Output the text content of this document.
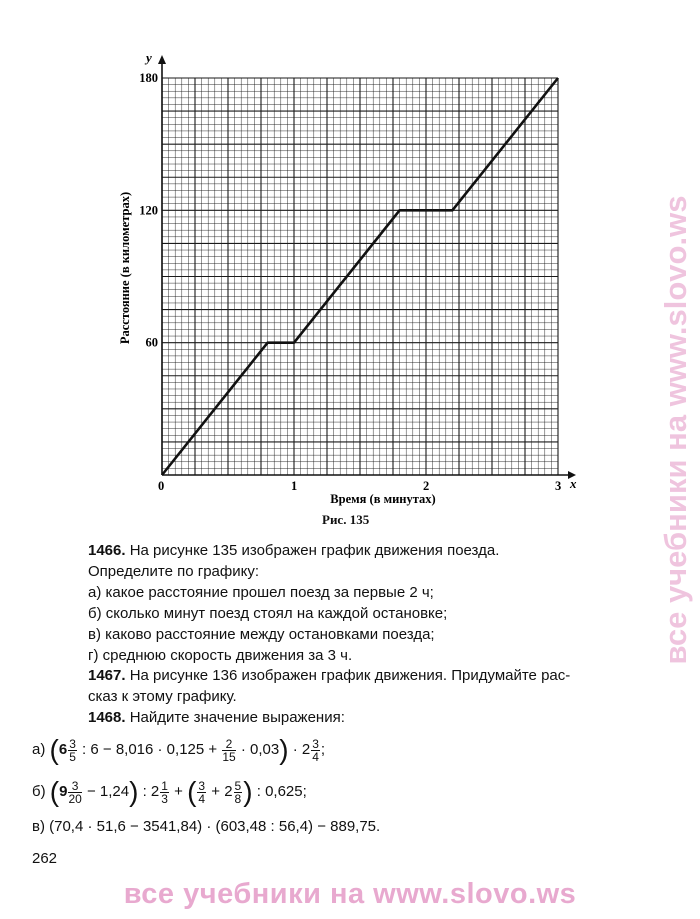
0	1	2	3
60
120
180
x
y
Время (в минутах)
Расстояние (в километрах)
Рис. 135
1466. На рисунке 135 изображен график движения поезда.
Определите по графику:
а) какое расстояние прошел поезд за первые 2 ч;
б) сколько минут поезд стоял на каждой остановке;
в) каково расстояние между остановками поезда;
г) среднюю скорость движения за 3 ч.
1467. На рисунке 136 изображен график движения. Придумайте рас-
сказ к этому графику.
1468. Найдите значение выражения:
а) ($6 \frac{3}{5}$ : $6 - 8,016 \cdot 0,125 + \frac{2}{15} \cdot 0,03) \cdot 2 \frac{3}{4}$ ;
б) $(9 \frac{3}{20} - 1,24)$ : $2 \frac{1}{3}$ + ( $\frac{3}{4} + 2 \frac{5}{8}$ ) : 0,625;
в) (70,4 · 51,6 − 3541,84) · (603,48 : 56,4) − 889,75.
262
все учебники на www.slovo.ws
все учебники на www.slovo.ws
